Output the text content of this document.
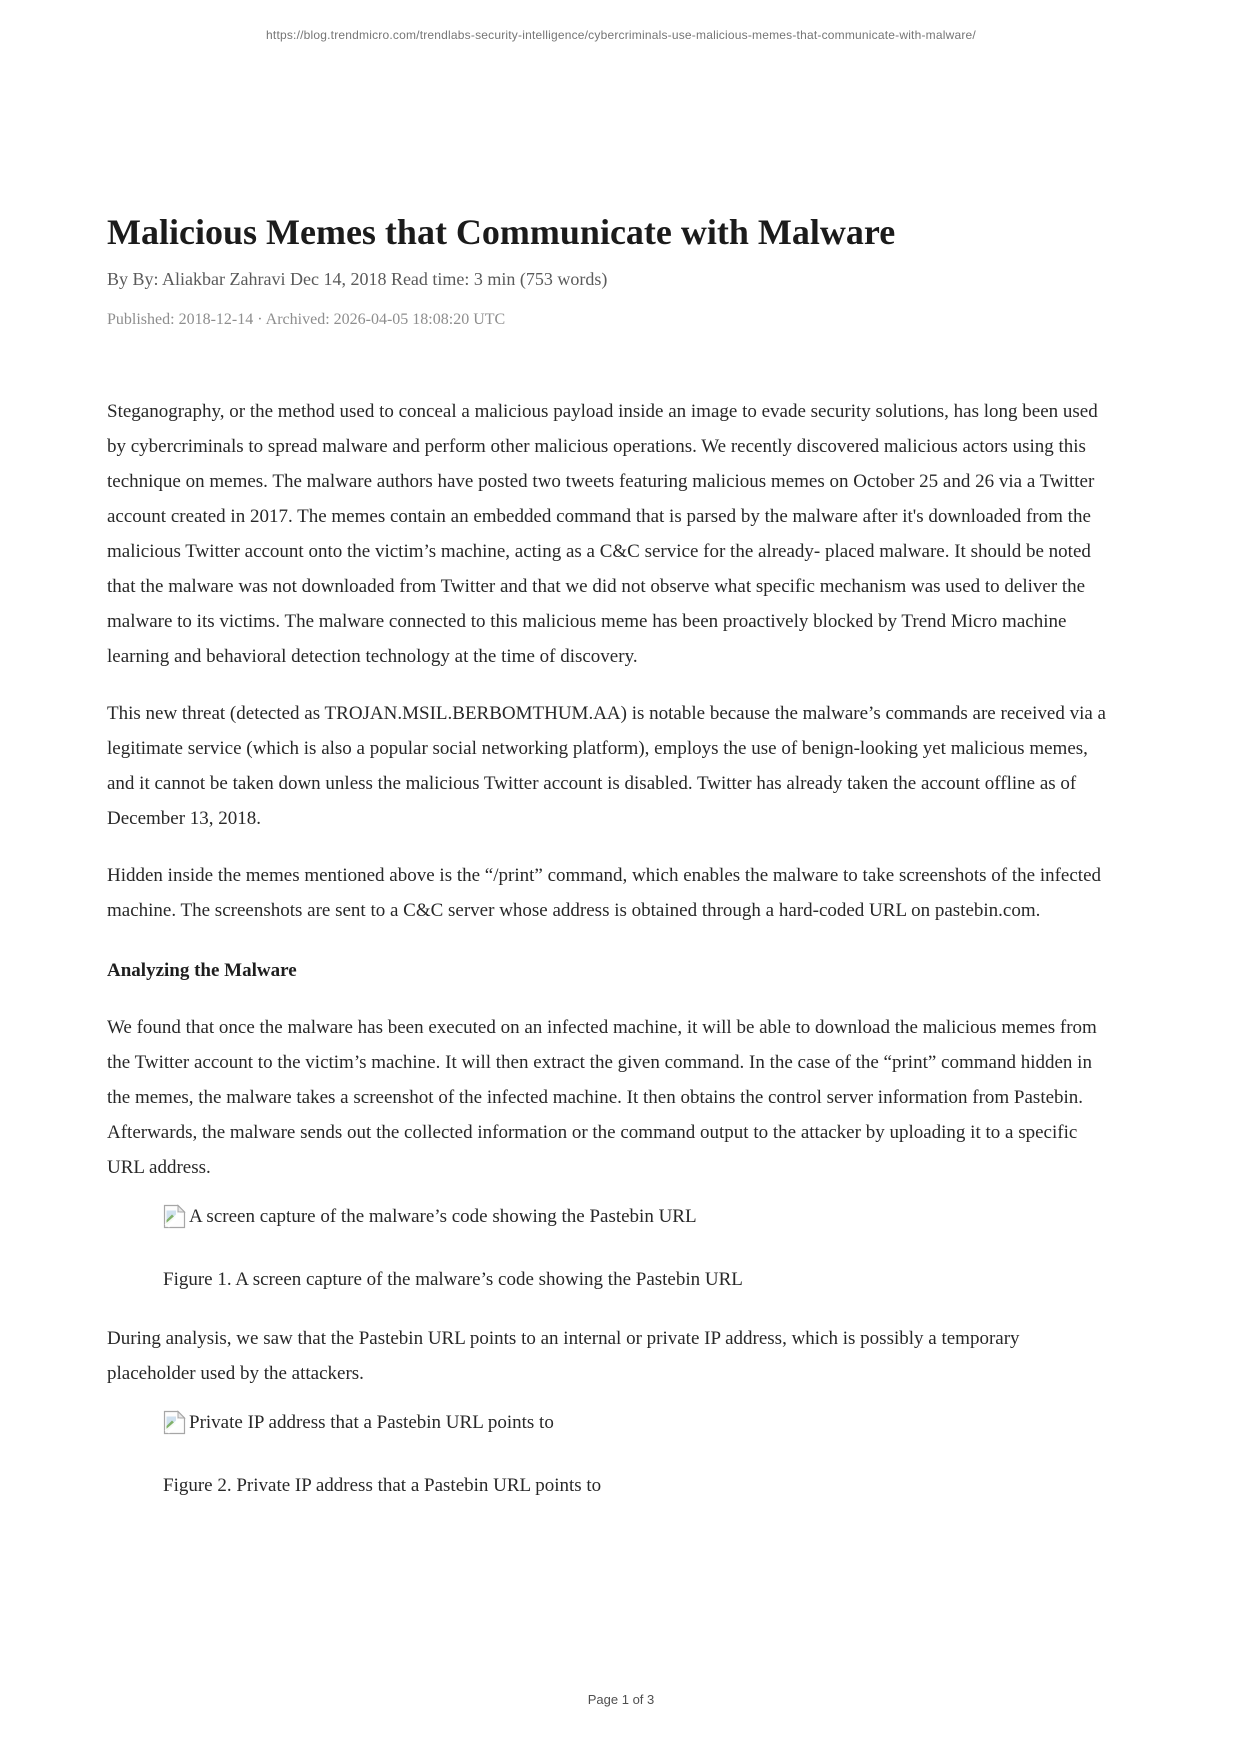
https://blog.trendmicro.com/trendlabs-security-intelligence/cybercriminals-use-malicious-memes-that-communicate-with-malware/
Malicious Memes that Communicate with Malware

By By: Aliakbar Zahravi Dec 14, 2018 Read time: 3 min (753 words)

Published: 2018-12-14 · Archived: 2026-04-05 18:08:20 UTC

Steganography, or the method used to conceal a malicious payload inside an image to evade security solutions, has long been used by cybercriminals to spread malware and perform other malicious operations. We recently discovered malicious actors using this technique on memes. The malware authors have posted two tweets featuring malicious memes on October 25 and 26 via a Twitter account created in 2017. The memes contain an embedded command that is parsed by the malware after it's downloaded from the malicious Twitter account onto the victim’s machine, acting as a C&C service for the already- placed malware. It should be noted that the malware was not downloaded from Twitter and that we did not observe what specific mechanism was used to deliver the malware to its victims. The malware connected to this malicious meme has been proactively blocked by Trend Micro machine learning and behavioral detection technology at the time of discovery.

This new threat (detected as TROJAN.MSIL.BERBOMTHUM.AA) is notable because the malware’s commands are received via a legitimate service (which is also a popular social networking platform), employs the use of benign-looking yet malicious memes, and it cannot be taken down unless the malicious Twitter account is disabled. Twitter has already taken the account offline as of December 13, 2018.

Hidden inside the memes mentioned above is the “/print” command, which enables the malware to take screenshots of the infected machine. The screenshots are sent to a C&C server whose address is obtained through a hard-coded URL on pastebin.com.

Analyzing the Malware

We found that once the malware has been executed on an infected machine, it will be able to download the malicious memes from the Twitter account to the victim’s machine. It will then extract the given command. In the case of the “print” command hidden in the memes, the malware takes a screenshot of the infected machine. It then obtains the control server information from Pastebin. Afterwards, the malware sends out the collected information or the command output to the attacker by uploading it to a specific URL address.

A screen capture of the malware’s code showing the Pastebin URL

Figure 1. A screen capture of the malware’s code showing the Pastebin URL

During analysis, we saw that the Pastebin URL points to an internal or private IP address, which is possibly a temporary placeholder used by the attackers.

Private IP address that a Pastebin URL points to

Figure 2. Private IP address that a Pastebin URL points to

Page 1 of 3
